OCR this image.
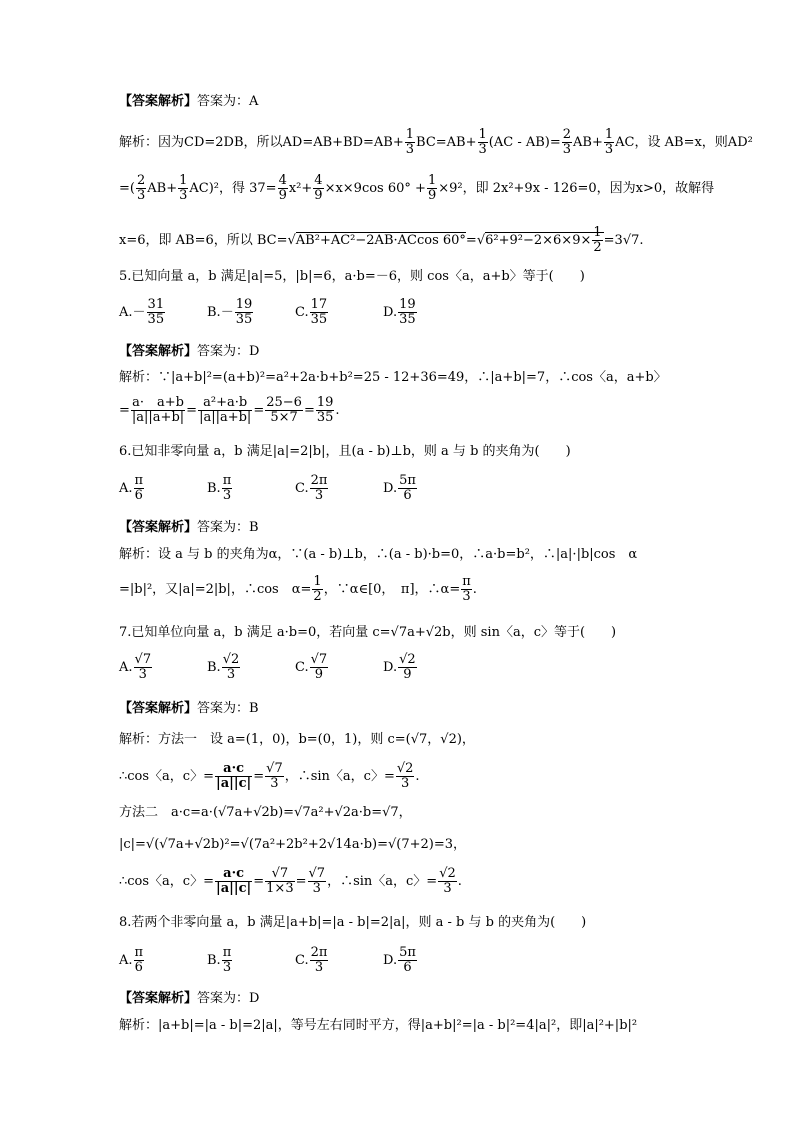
【答案解析】答案为：A
解析：因为CD=2DB，所以$AD=AB+BD=AB+ \frac{1}{3} BC=AB+ \frac{1}{3} (AC - AB)= \frac{2}{3} AB+ \frac{1}{3}$ AC，设 AB=x，则AD²
=( $\frac{2}{3} AB+ \frac{1}{3} AC)^2$，得 $37= \frac{4}{9} x^2+ \frac{4}{9} \times x\times 9\cos$ $60^\circ + \frac{1}{9} \times 9^2$，即 2x²+9x - 126=0，因为x>0，故解得
x=6，即 AB=6，所以 BC=√AB²+AC²−2AB·ACcos $60^\circ=√6^2+9^2-2\times 6\times 9\times \frac{1}{2} =3√7$.
5.已知向量 a，b 满足|a|=5，|b|=6，a·b=－6，则 cos〈a，a+b〉等于(　　)
$A.- \frac{31}{35}$	$B.- \frac{19}{35}$	C. $\frac{17}{35}$	D. $\frac{19}{35}$
【答案解析】答案为：D
解析：∵|a+b|²=(a+b)²=a²+2a·b+b²=25 - 12+36=49，∴|a+b|=7，∴cos〈a，a+b〉
= $\frac{a\cdot a+b}{|a||a+b|} = \frac{\text{a²+a·b}}{|a||a+b|} = \frac{25-6}{5\times 7} = \frac{19}{35}$ .
6.已知非零向量 a，b 满足|a|=2|b|，且(a - b)⊥b，则 a 与 b 的夹角为(　　)
A. $\frac{\pi}{6}$	B. $\frac{\pi}{3}$	C. $\frac{2\pi}{3}$	D. $\frac{5\pi}{6}$
【答案解析】答案为：B
解析：设 a 与 b 的夹角为α，∵(a - b)⊥b，∴(a - b)·b=0，∴a·b=b²，∴|a|·|b|cos　α
=|b|²，又|a|=2|b|，∴cos　$\alpha= \frac{1}{2}$ ，∵α∈[0，　π]，∴α= $\frac{\pi}{3}$ .
7.已知单位向量 a，b 满足 a·b=0，若向量 c=√7a+√2b，则 sin〈a，c〉等于(　　)
A. $\frac{√7}{3}$	B. $\frac{√2}{3}$	C. $\frac{√7}{9}$	D. $\frac{√2}{9}$
【答案解析】答案为：B
解析：方法一　设 a=(1，0)，b=(0，1)，则 c=(√7，√2)，
∴cos〈a，c〉= $\frac{a\cdot c}{|a||c|} = \frac{√7}{3}$ ，∴sin〈a，c〉= $\frac{√2}{3}$ .
方法二　a·c=a·(√7a+√2b)=√7a²+√2a·b=√7，
|c|=√(√7a+√2b)²=√(7a²+2b²+2√14a·b)=√(7+2)=3，
∴cos〈a，c〉= $\frac{a\cdot c}{|a||c|} = \frac{√7}{1\times 3} = \frac{√7}{3}$ ，∴sin〈a，c〉= $\frac{√2}{3}$ .
8.若两个非零向量 a，b 满足|a+b|=|a - b|=2|a|，则 a - b 与 b 的夹角为(　　)
A. $\frac{\pi}{6}$	B. $\frac{\pi}{3}$	C. $\frac{2\pi}{3}$	D. $\frac{5\pi}{6}$
【答案解析】答案为：D
解析：|a+b|=|a - b|=2|a|，等号左右同时平方，得|a+b|²=|a - b|²=4|a|²，即|a|²+|b|²
